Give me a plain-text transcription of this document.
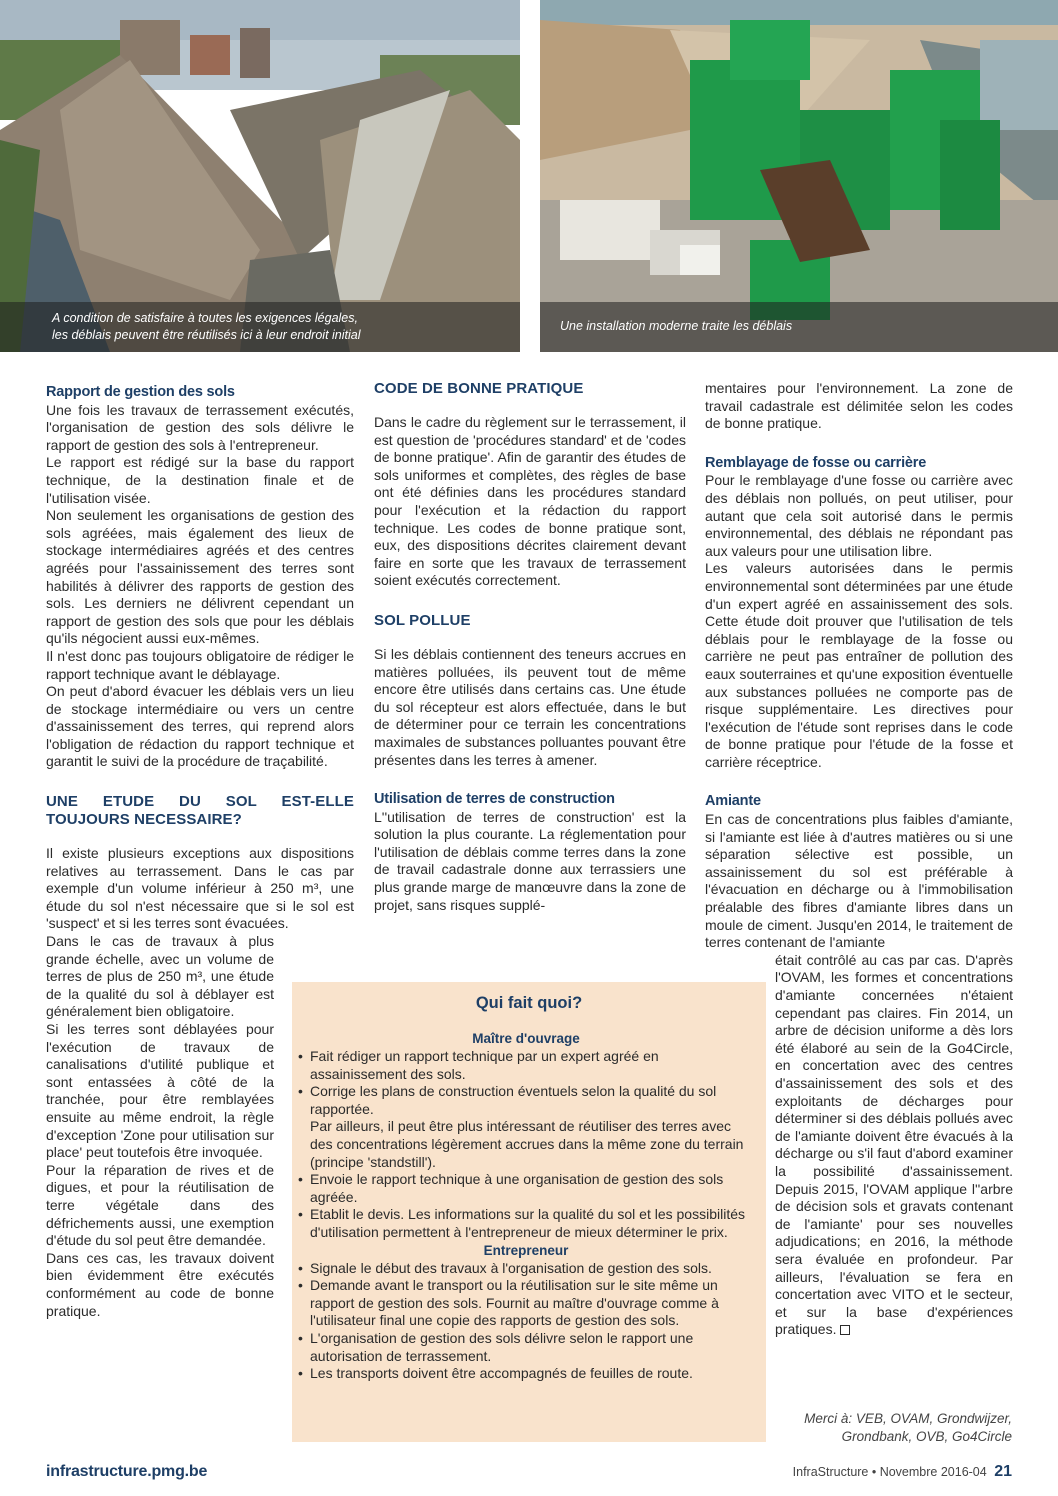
A condition de satisfaire à toutes les exigences légales,
les déblais peuvent être réutilisés ici à leur endroit initial
Une installation moderne traite les déblais
Rapport de gestion des sols

Une fois les travaux de terrassement exécutés, l'organisation de gestion des sols délivre le rapport de gestion des sols à l'entrepreneur.

Le rapport est rédigé sur la base du rapport technique, de la destination finale et de l'utilisation visée.

Non seulement les organisations de gestion des sols agréées, mais également des lieux de stockage intermédiaires agréés et des centres agréés pour l'assainissement des terres sont habilités à délivrer des rapports de gestion des sols. Les derniers ne délivrent cependant un rapport de gestion des sols que pour les déblais qu'ils négocient aussi eux-mêmes.

Il n'est donc pas toujours obligatoire de rédiger le rapport technique avant le déblayage.

On peut d'abord évacuer les déblais vers un lieu de stockage intermédiaire ou vers un centre d'assainissement des terres, qui reprend alors l'obligation de rédaction du rapport technique et garantit le suivi de la procédure de traçabilité.

UNE ETUDE DU SOL EST-ELLE TOUJOURS NECESSAIRE?

Il existe plusieurs exceptions aux dispositions relatives au terrassement. Dans le cas par exemple d'un volume inférieur à 250 m³, une étude du sol n'est nécessaire que si le sol est 'suspect' et si les terres sont évacuées.

Dans le cas de travaux à plus grande échelle, avec un volume de terres de plus de 250 m³, une étude de la qualité du sol à déblayer est généralement bien obligatoire.

Si les terres sont déblayées pour l'exécution de travaux de canalisations d'utilité publique et sont entassées à côté de la tranchée, pour être remblayées ensuite au même endroit, la règle d'exception 'Zone pour utilisation sur place' peut toutefois être invoquée.

Pour la réparation de rives et de digues, et pour la réutilisation de terre végétale dans des défrichements aussi, une exemption d'étude du sol peut être demandée.

Dans ces cas, les travaux doivent bien évidemment être exécutés conformément au code de bonne pratique.

CODE DE BONNE PRATIQUE

Dans le cadre du règlement sur le terrassement, il est question de 'procédures standard' et de 'codes de bonne pratique'. Afin de garantir des études de sols uniformes et complètes, des règles de base ont été définies dans les procédures standard pour l'exécution et la rédaction du rapport technique. Les codes de bonne pratique sont, eux, des dispositions décrites clairement devant faire en sorte que les travaux de terrassement soient exécutés correctement.

SOL POLLUE

Si les déblais contiennent des teneurs accrues en matières polluées, ils peuvent tout de même encore être utilisés dans certains cas. Une étude du sol récepteur est alors effectuée, dans le but de déterminer pour ce terrain les concentrations maximales de substances polluantes pouvant être présentes dans les terres à amener.

Utilisation de terres de construction

L''utilisation de terres de construction' est la solution la plus courante. La réglementation pour l'utilisation de déblais comme terres dans la zone de travail cadastrale donne aux terrassiers une plus grande marge de manœuvre dans la zone de projet, sans risques supplé-

mentaires pour l'environnement. La zone de travail cadastrale est délimitée selon les codes de bonne pratique.

Remblayage de fosse ou carrière

Pour le remblayage d'une fosse ou carrière avec des déblais non pollués, on peut utiliser, pour autant que cela soit autorisé dans le permis environnemental, des déblais ne répondant pas aux valeurs pour une utilisation libre.

Les valeurs autorisées dans le permis environnemental sont déterminées par une étude d'un expert agréé en assainissement des sols. Cette étude doit prouver que l'utilisation de tels déblais pour le remblayage de la fosse ou carrière ne peut pas entraîner de pollution des eaux souterraines et qu'une exposition éventuelle aux substances polluées ne comporte pas de risque supplémentaire. Les directives pour l'exécution de l'étude sont reprises dans le code de bonne pratique pour l'étude de la fosse et carrière réceptrice.

Amiante

En cas de concentrations plus faibles d'amiante, si l'amiante est liée à d'autres matières ou si une séparation sélective est possible, un assainissement du sol est préférable à l'évacuation en décharge ou à l'immobilisation préalable des fibres d'amiante libres dans un moule de ciment. Jusqu'en 2014, le traitement de terres contenant de l'amiante

était contrôlé au cas par cas. D'après l'OVAM, les formes et concentrations d'amiante concernées n'étaient cependant pas claires. Fin 2014, un arbre de décision uniforme a dès lors été élaboré au sein de la Go4Circle, en concertation avec des centres d'assainissement des sols et des exploitants de décharges pour déterminer si des déblais pollués avec de l'amiante doivent être évacués à la décharge ou s'il faut d'abord examiner la possibilité d'assainissement. Depuis 2015, l'OVAM applique l''arbre de décision sols et gravats contenant de l'amiante' pour ses nouvelles adjudications; en 2016, la méthode sera évaluée en profondeur. Par ailleurs, l'évaluation se fera en concertation avec VITO et le secteur, et sur la base d'expériences pratiques.

Qui fait quoi?
Maître d'ouvrage
• Fait rédiger un rapport technique par un expert agréé en assainissement des sols.
• Corrige les plans de construction éventuels selon la qualité du sol rapportée.
Par ailleurs, il peut être plus intéressant de réutiliser des terres avec des concentrations légèrement accrues dans la même zone du terrain (principe 'standstill').
• Envoie le rapport technique à une organisation de gestion des sols agréée.
• Etablit le devis. Les informations sur la qualité du sol et les possibilités d'utilisation permettent à l'entrepreneur de mieux déterminer le prix.
Entrepreneur
• Signale le début des travaux à l'organisation de gestion des sols.
• Demande avant le transport ou la réutilisation sur le site même un rapport de gestion des sols. Fournit au maître d'ouvrage comme à l'utilisateur final une copie des rapports de gestion des sols.
• L'organisation de gestion des sols délivre selon le rapport une autorisation de terrassement.
• Les transports doivent être accompagnés de feuilles de route.
Merci à: VEB, OVAM, Grondwijzer,
Grondbank, OVB, Go4Circle
infrastructure.pmg.be	InfraStructure • Novembre 2016-04 21
